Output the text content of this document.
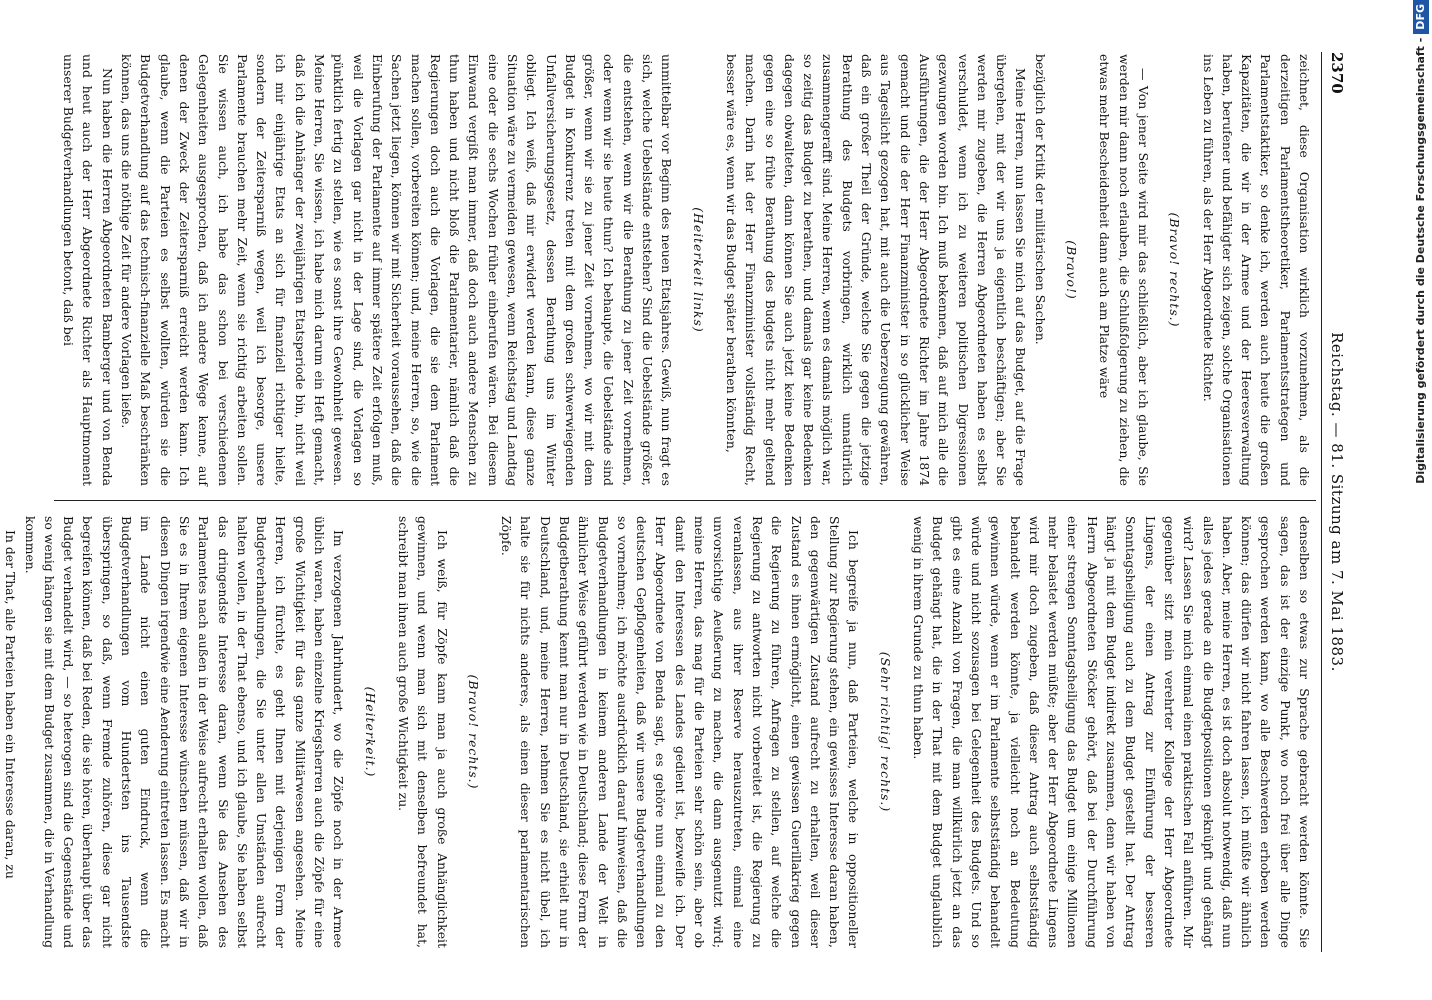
2370
Reichstag. — 81. Sitzung am 7. Mai 1883.

zeichnet, diese Organisation wirklich vorzunehmen, als die derzeitigen Parlamentstheoretiker, Parlamentsstrategen und Parlamentstaktiker, so denke ich, werden auch heute die großen Kapazitäten, die wir in der Armee und der Heeresverwaltung haben, berufener und befähigter sich zeigen, solche Organisationen ins Leben zu führen, als der Herr Abgeordnete Richter.

(Bravo! rechts.)

— Von jener Seite wird mir das schließlich, aber ich glaube, Sie werden mir dann noch erlauben, die Schlußfolgerung zu ziehen, die etwas mehr Bescheidenheit dann auch am Platze wäre

(Bravo!)

bezüglich der Kritik der militärischen Sachen.

Meine Herren, nun lassen Sie mich auf das Budget, auf die Frage übergehen, mit der wir uns ja eigentlich beschäftigen; aber Sie werden mir zugeben, die Herren Abgeordneten haben es selbst verschuldet, wenn ich zu weiteren politischen Digressionen gezwungen worden bin. Ich muß bekennen, daß auf mich alle die Ausführungen, die der Herr Abgeordnete Richter im Jahre 1874 gemacht und die der Herr Finanzminister in so glücklicher Weise aus Tageslicht gezogen hat, mit auch die Ueberzeugung gewähren, daß ein großer Theil der Gründe, welche Sie gegen die jetzige Berathung des Budgets vorbringen, wirklich unnatürlich zusammengerafft sind. Meine Herren, wenn es damals möglich war, so zeitig das Budget zu berathen, und damals gar keine Bedenken dagegen obwalteten, dann können Sie auch jetzt keine Bedenken gegen eine so frühe Berathung des Budgets nicht mehr geltend machen. Darin hat der Herr Finanzminister vollständig Recht, besser wäre es, wenn wir das Budget später berathen könnten,

(Heiterkeit links)

unmittelbar vor Beginn des neuen Etatsjahres. Gewiß, nun fragt es sich, welche Uebelstände entstehen? Sind die Uebelstände größer, die entstehen, wenn wir die Berathung zu jener Zeit vornehmen, oder wenn wir sie heute thun? Ich behaupte, die Uebelstände sind größer, wenn wir sie zu jener Zeit vornehmen, wo wir mit dem Budget in Konkurrenz treten mit dem großen schwerwiegenden Unfallversicherungsgesetz, dessen Berathung uns im Winter obliegt. Ich weiß, daß mir erwidert werden kann, diese ganze Situation wäre zu vermeiden gewesen, wenn Reichstag und Landtag eine oder die sechs Wochen früher einberufen wären. Bei diesem Einwand vergißt man immer, daß doch auch andere Menschen zu thun haben und nicht bloß die Parlamentarier, nämlich daß die Regierungen doch auch die Vorlagen, die sie dem Parlament machen sollen, vorbereiten können; und, meine Herren, so, wie die Sachen jetzt liegen, können wir mit Sicherheit voraussehen, daß die Einberufung der Parlamente auf immer spätere Zeit erfolgen muß, weil die Vorlagen gar nicht in der Lage sind, die Vorlagen so pünktlich fertig zu stellen, wie es sonst ihre Gewohnheit gewesen. Meine Herren, Sie wissen, ich habe mich darum ein Heft gemacht, daß ich die Anhänger der zweijährigen Etatsperiode bin, nicht weil ich mir einjährige Etats an sich für finanziell richtiger hielte, sondern der Zeitersparniß wegen, weil ich besorge, unsere Parlamente brauchen mehr Zeit, wenn sie richtig arbeiten sollen. Sie wissen auch, ich habe das schon bei verschiedenen Gelegenheiten ausgesprochen, daß ich andere Wege kenne, auf denen der Zweck der Zeitersparniß erreicht werden kann. Ich glaube, wenn die Parteien es selbst wollten, würden sie die Budgetverhandlung auf das technisch-finanzielle Maß beschränken können, das uns die nöthige Zeit für andere Vorlagen ließe.

Nun haben die Herren Abgeordneten Bamberger und von Benda und heut auch der Herr Abgeordnete Richter als Hauptmoment unserer Budgetverhandlungen betont, daß bei

denselben so etwas zur Sprache gebracht werden könnte. Sie sagen, das ist der einzige Punkt, wo noch frei über alle Dinge gesprochen werden kann, wo alle Beschwerden erhoben werden können; das dürfen wir nicht fahren lassen, ich müßte wir ähnlich haben. Aber, meine Herren, es ist doch absolut notwendig, daß nun alles jedes gerade an die Budgetpositionen geknüpft und gehängt wird? Lassen Sie mich einmal einen praktischen Fall anführen. Mir gegenüber sitzt mein verehrter Kollege der Herr Abgeordnete Lingens, der einen Antrag zur Einführung der besseren Sonntagsheiligung auch zu dem Budget gestellt hat. Der Antrag hängt ja mit dem Budget indirekt zusammen, denn wir haben von Herrn Abgeordneten Stöcker gehört, daß bei der Durchführung einer strengen Sonntagsheiligung das Budget um einige Millionen mehr belastet werden müßte; aber der Herr Abgeordnete Lingens wird mir doch zugeben, daß dieser Antrag auch selbstständig behandelt werden könnte, ja vielleicht noch an Bedeutung gewinnen würde, wenn er im Parlamente selbstständig behandelt würde und nicht sozusagen bei Gelegenheit des Budgets. Und so gibt es eine Anzahl von Fragen, die man willkürlich jetzt an das Budget gehängt hat, die in der That mit dem Budget unglaublich wenig in ihrem Grunde zu thun haben.

(Sehr richtig! rechts.)

Ich begreife ja nun, daß Parteien, welche in oppositioneller Stellung zur Regierung stehen, ein gewisses Interesse daran haben, den gegenwärtigen Zustand aufrecht zu erhalten, weil dieser Zustand es ihnen ermöglicht, einen gewissen Guerillakrieg gegen die Regierung zu führen, Anfragen zu stellen, auf welche die Regierung zu antworten nicht vorbereitet ist, die Regierung zu veranlassen, aus ihrer Reserve herauszutreten, einmal eine unvorsichtige Aeußerung zu machen, die dann ausgenutzt wird; meine Herren, das mag für die Parteien sehr schön sein, aber ob damit den Interessen des Landes gedient ist, bezweifle ich. Der Herr Abgeordnete von Benda sagt, es gehöre nun einmal zu den deutschen Gepflogenheiten, daß wir unsere Budgetverhandlungen so vornehmen; ich möchte ausdrücklich darauf hinweisen, daß die Budgetverhandlungen in keinem anderen Lande der Welt in ähnlicher Weise geführt werden wie in Deutschland; diese Form der Budgetberathung kennt man nur in Deutschland, sie erhielt nur in Deutschland, und, meine Herren, nehmen Sie es nicht übel, ich halte sie für nichts anderes, als einen dieser parlamentarischen Zöpfe.

(Bravo! rechts.)

Ich weiß, für Zöpfe kann man ja auch große Anhänglichkeit gewinnen, und wenn man sich mit denselben befreundet hat, schreibt man ihnen auch große Wichtigkeit zu.

(Heiterkeit.)

Im verzogenen Jahrhundert, wo die Zöpfe noch in der Armee üblich waren, haben einzelne Kriegsherren auch die Zöpfe für eine große Wichtigkeit für das ganze Militärwesen angesehen. Meine Herren, ich fürchte, es geht Ihnen mit derjenigen Form der Budgetverhandlungen, die Sie unter allen Umständen aufrecht halten wollen, in der That ebenso, und ich glaube, Sie haben selbst das dringendste Interesse daran, wenn Sie das Ansehen des Parlamentes nach außen in der Weise aufrecht erhalten wollen, daß Sie es in Ihrem eigenen Interesse wünschen müssen, daß wir in diesen Dingen irgendwie eine Aenderung eintreten lassen. Es macht im Lande nicht einen guten Eindruck, wenn die Budgetverhandlungen vom Hundertsten ins Tausendste überspringen, so daß, wenn Fremde zuhören, diese gar nicht begreifen können, daß bei Reden, die sie hören, überhaupt über das Budget verhandelt wird, — so heterogen sind die Gegenstände und so wenig hängen sie mit dem Budget zusammen, die in Verhandlung kommen.

In der That, alle Parteien haben ein Interesse daran, zu

Digitalisierung gefördert durch die Deutsche Forschungsgemeinschaft -DFG
